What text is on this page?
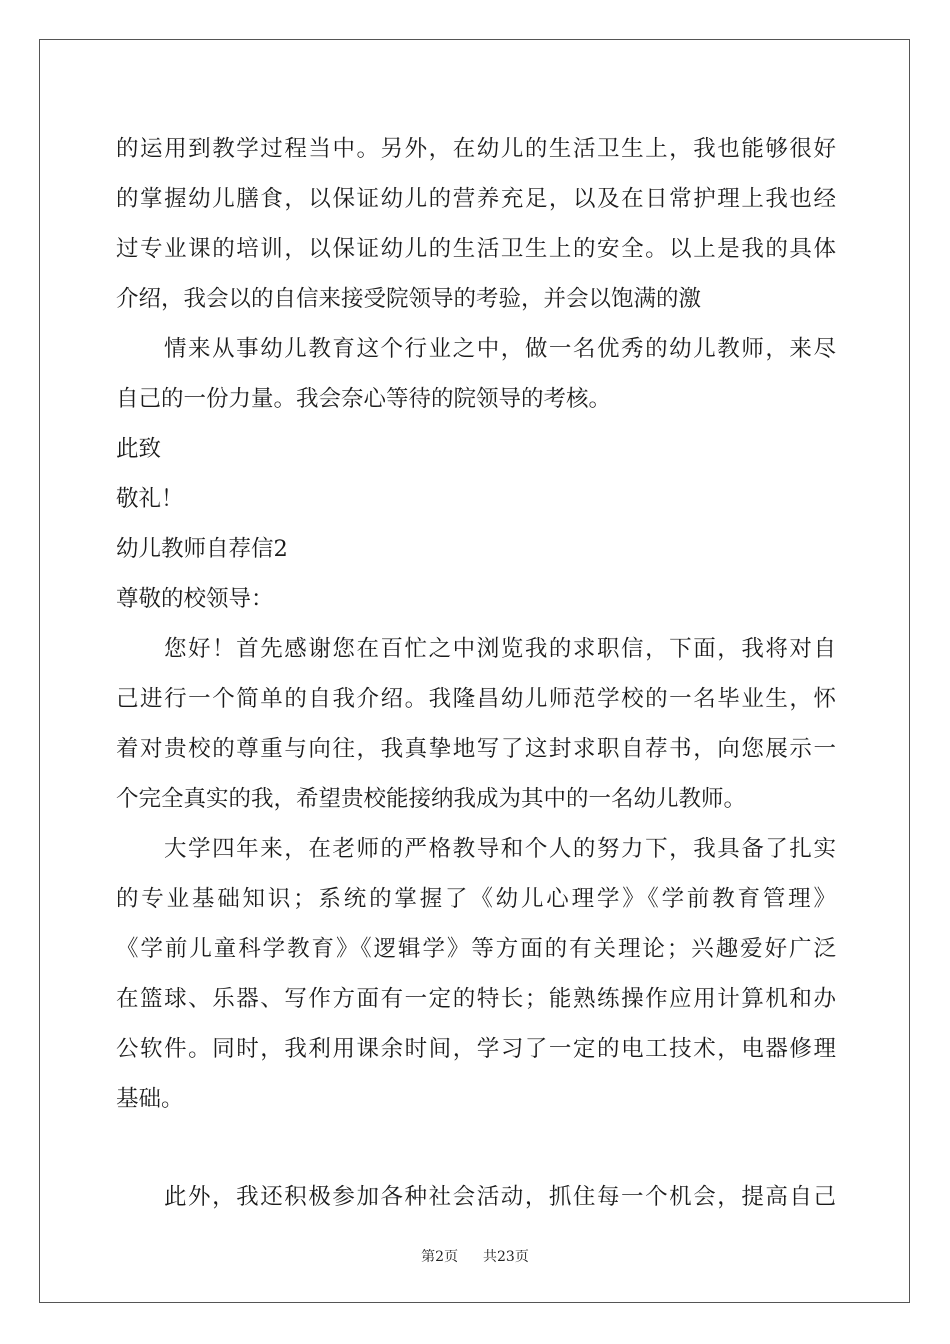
的运用到教学过程当中。另外，在幼儿的生活卫生上，我也能够很好
的掌握幼儿膳食，以保证幼儿的营养充足，以及在日常护理上我也经
过专业课的培训，以保证幼儿的生活卫生上的安全。以上是我的具体
介绍，我会以的自信来接受院领导的考验，并会以饱满的激
情来从事幼儿教育这个行业之中，做一名优秀的幼儿教师，来尽
自己的一份力量。我会奈心等待的院领导的考核。
此致
敬礼！
幼儿教师自荐信2
尊敬的校领导：
您好！首先感谢您在百忙之中浏览我的求职信，下面，我将对自
己进行一个简单的自我介绍。我隆昌幼儿师范学校的一名毕业生，怀
着对贵校的尊重与向往，我真挚地写了这封求职自荐书，向您展示一
个完全真实的我，希望贵校能接纳我成为其中的一名幼儿教师。
大学四年来，在老师的严格教导和个人的努力下，我具备了扎实
的专业基础知识；系统的掌握了《幼儿心理学》《学前教育管理》
《学前儿童科学教育》《逻辑学》等方面的有关理论；兴趣爱好广泛
在篮球、乐器、写作方面有一定的特长；能熟练操作应用计算机和办
公软件。同时，我利用课余时间，学习了一定的电工技术，电器修理
基础。
此外，我还积极参加各种社会活动，抓住每一个机会，提高自己
第2页 共23页
